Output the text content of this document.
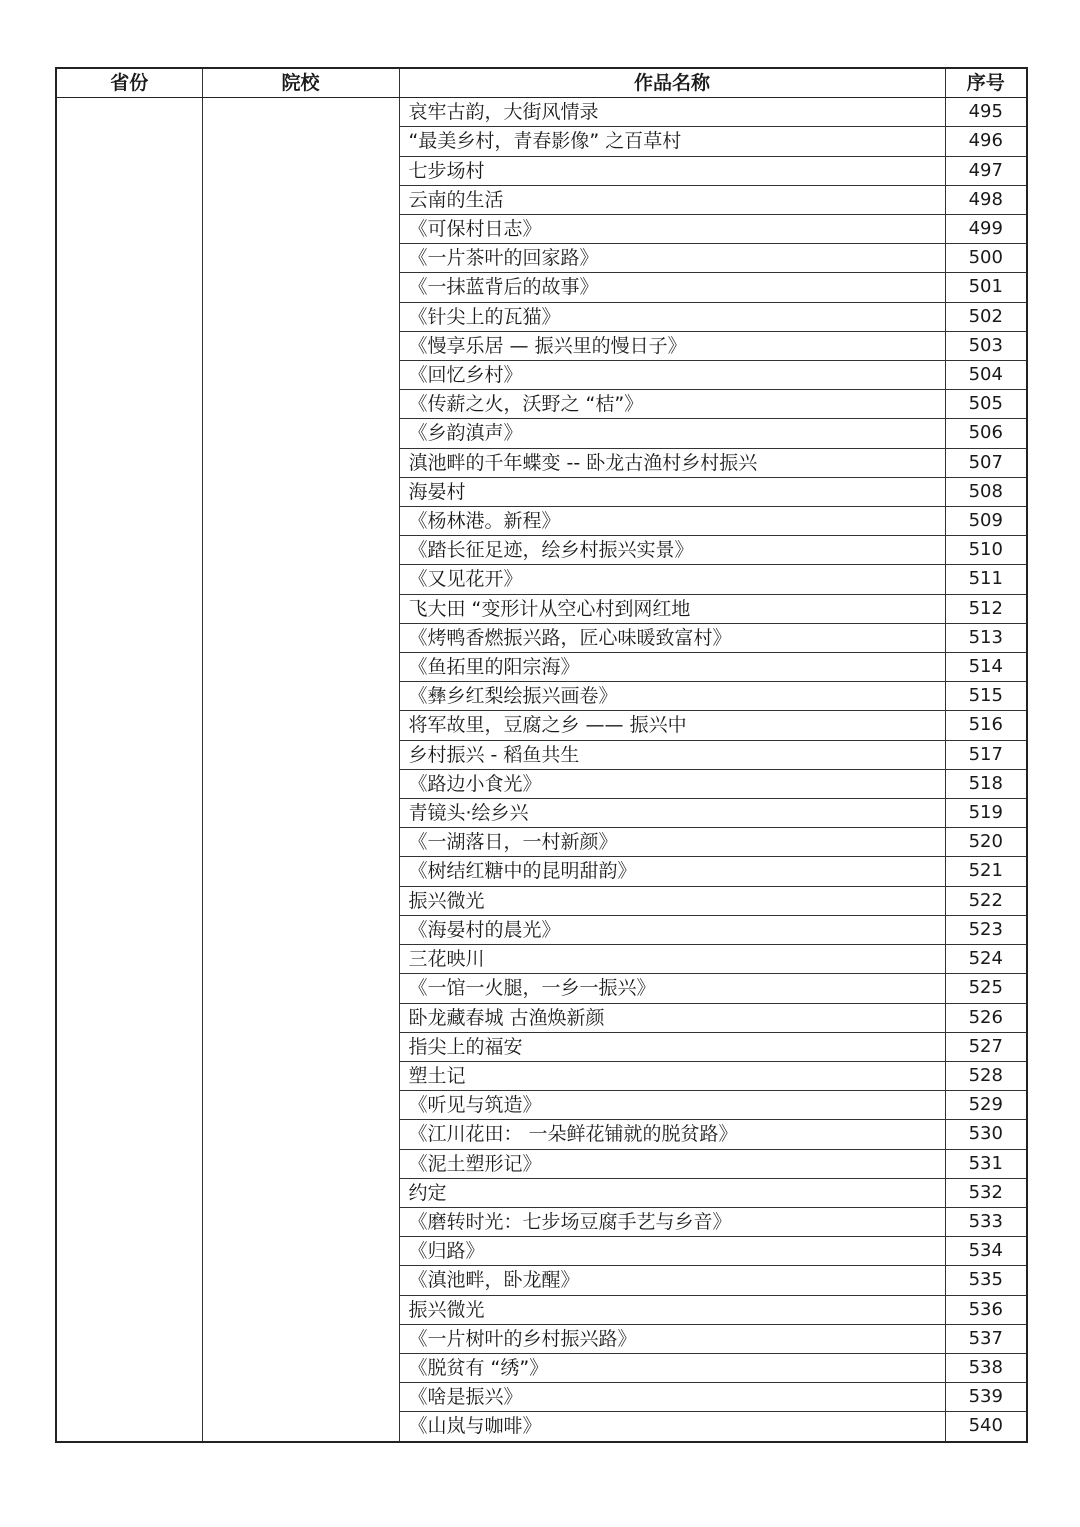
省份	院校	作品名称	序号
		哀牢古韵，大街风情录	495
		“最美乡村，青春影像” 之百草村	496
		七步场村	497
		云南的生活	498
		《可保村日志》	499
		《一片茶叶的回家路》	500
		《一抹蓝背后的故事》	501
		《针尖上的瓦猫》	502
		《慢享乐居 — 振兴里的慢日子》	503
		《回忆乡村》	504
		《传薪之火，沃野之 “桔”》	505
		《乡韵滇声》	506
		滇池畔的千年蝶变 -- 卧龙古渔村乡村振兴	507
		海晏村	508
		《杨林港。新程》	509
		《踏长征足迹，绘乡村振兴实景》	510
		《又见花开》	511
		飞大田 “变形计从空心村到网红地	512
		《烤鸭香燃振兴路，匠心味暖致富村》	513
		《鱼拓里的阳宗海》	514
		《彝乡红梨绘振兴画卷》	515
		将军故里，豆腐之乡 —— 振兴中	516
		乡村振兴 - 稻鱼共生	517
		《路边小食光》	518
		青镜头·绘乡兴	519
		《一湖落日，一村新颜》	520
		《树结红糖中的昆明甜韵》	521
		振兴微光	522
		《海晏村的晨光》	523
		三花映川	524
		《一馆一火腿，一乡一振兴》	525
		卧龙藏春城 古渔焕新颜	526
		指尖上的福安	527
		塑土记	528
		《听见与筑造》	529
		《江川花田： 一朵鲜花铺就的脱贫路》	530
		《泥土塑形记》	531
		约定	532
		《磨转时光：七步场豆腐手艺与乡音》	533
		《归路》	534
		《滇池畔，卧龙醒》	535
		振兴微光	536
		《一片树叶的乡村振兴路》	537
		《脱贫有 “绣”》	538
		《啥是振兴》	539
		《山岚与咖啡》	540
